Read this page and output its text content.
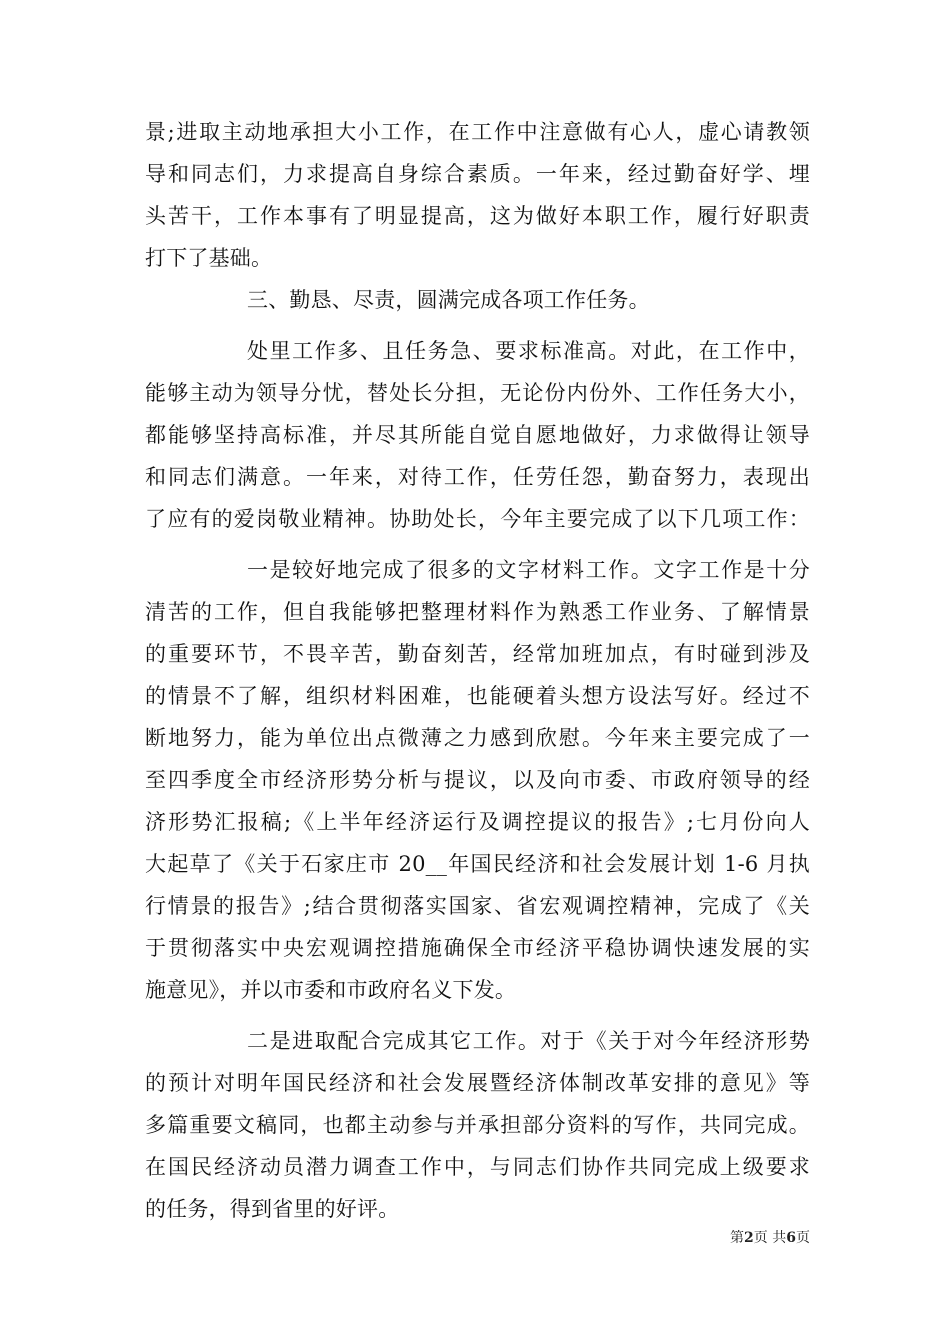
景;进取主动地承担大小工作，在工作中注意做有心人，虚心请教领
导和同志们，力求提高自身综合素质。一年来，经过勤奋好学、埋
头苦干，工作本事有了明显提高，这为做好本职工作，履行好职责
打下了基础。
三、勤恳、尽责，圆满完成各项工作任务。
处里工作多、且任务急、要求标准高。对此，在工作中，
能够主动为领导分忧，替处长分担，无论份内份外、工作任务大小，
都能够坚持高标准，并尽其所能自觉自愿地做好，力求做得让领导
和同志们满意。一年来，对待工作，任劳任怨，勤奋努力，表现出
了应有的爱岗敬业精神。协助处长，今年主要完成了以下几项工作：
一是较好地完成了很多的文字材料工作。文字工作是十分
清苦的工作，但自我能够把整理材料作为熟悉工作业务、了解情景
的重要环节，不畏辛苦，勤奋刻苦，经常加班加点，有时碰到涉及
的情景不了解，组织材料困难，也能硬着头想方设法写好。经过不
断地努力，能为单位出点微薄之力感到欣慰。今年来主要完成了一
至四季度全市经济形势分析与提议，以及向市委、市政府领导的经
济形势汇报稿;《上半年经济运行及调控提议的报告》;七月份向人
大起草了《关于石家庄市 20__年国民经济和社会发展计划 1-6 月执
行情景的报告》;结合贯彻落实国家、省宏观调控精神，完成了《关
于贯彻落实中央宏观调控措施确保全市经济平稳协调快速发展的实
施意见》，并以市委和市政府名义下发。
二是进取配合完成其它工作。对于《关于对今年经济形势
的预计对明年国民经济和社会发展暨经济体制改革安排的意见》等
多篇重要文稿同，也都主动参与并承担部分资料的写作，共同完成。
在国民经济动员潜力调查工作中，与同志们协作共同完成上级要求
的任务，得到省里的好评。
第2页 共6页
